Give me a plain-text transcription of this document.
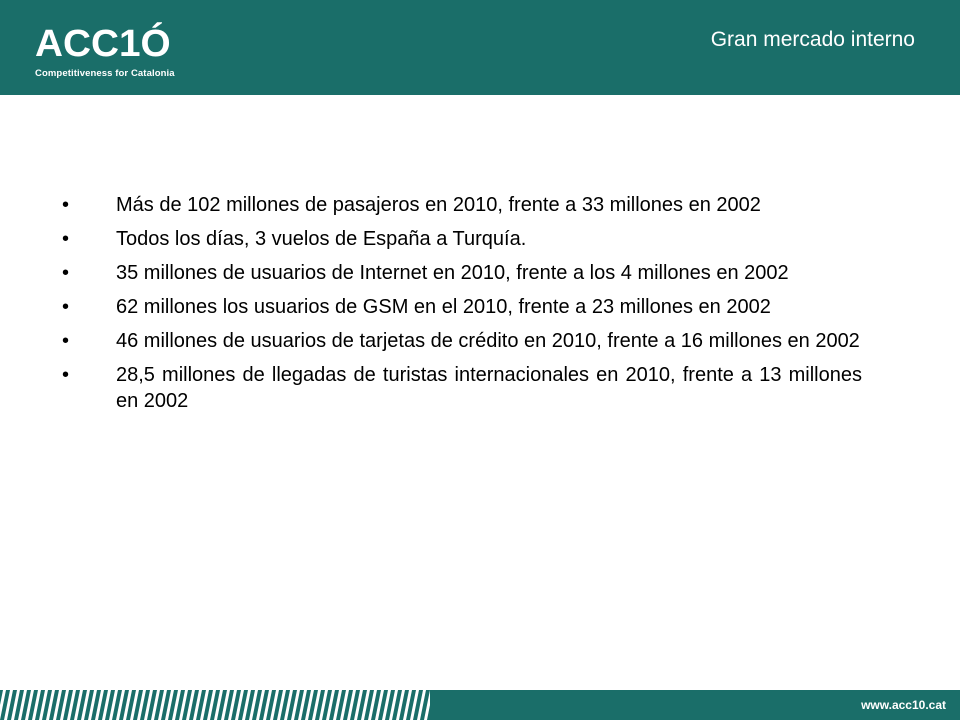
ACC1Ó
Competitiveness for Catalonia
Gran mercado interno
•	Más de 102 millones de pasajeros en 2010, frente a 33 millones en 2002
•	Todos los días, 3 vuelos de España a Turquía.
•	35 millones de usuarios de Internet en 2010, frente a los 4 millones en 2002
•	62 millones los usuarios de GSM en el 2010, frente a 23 millones en 2002
•	46 millones de usuarios de tarjetas de crédito en 2010, frente a 16 millones en 2002
•	28,5 millones de llegadas de turistas internacionales en 2010, frente a 13 millones en 2002
www.acc10.cat
